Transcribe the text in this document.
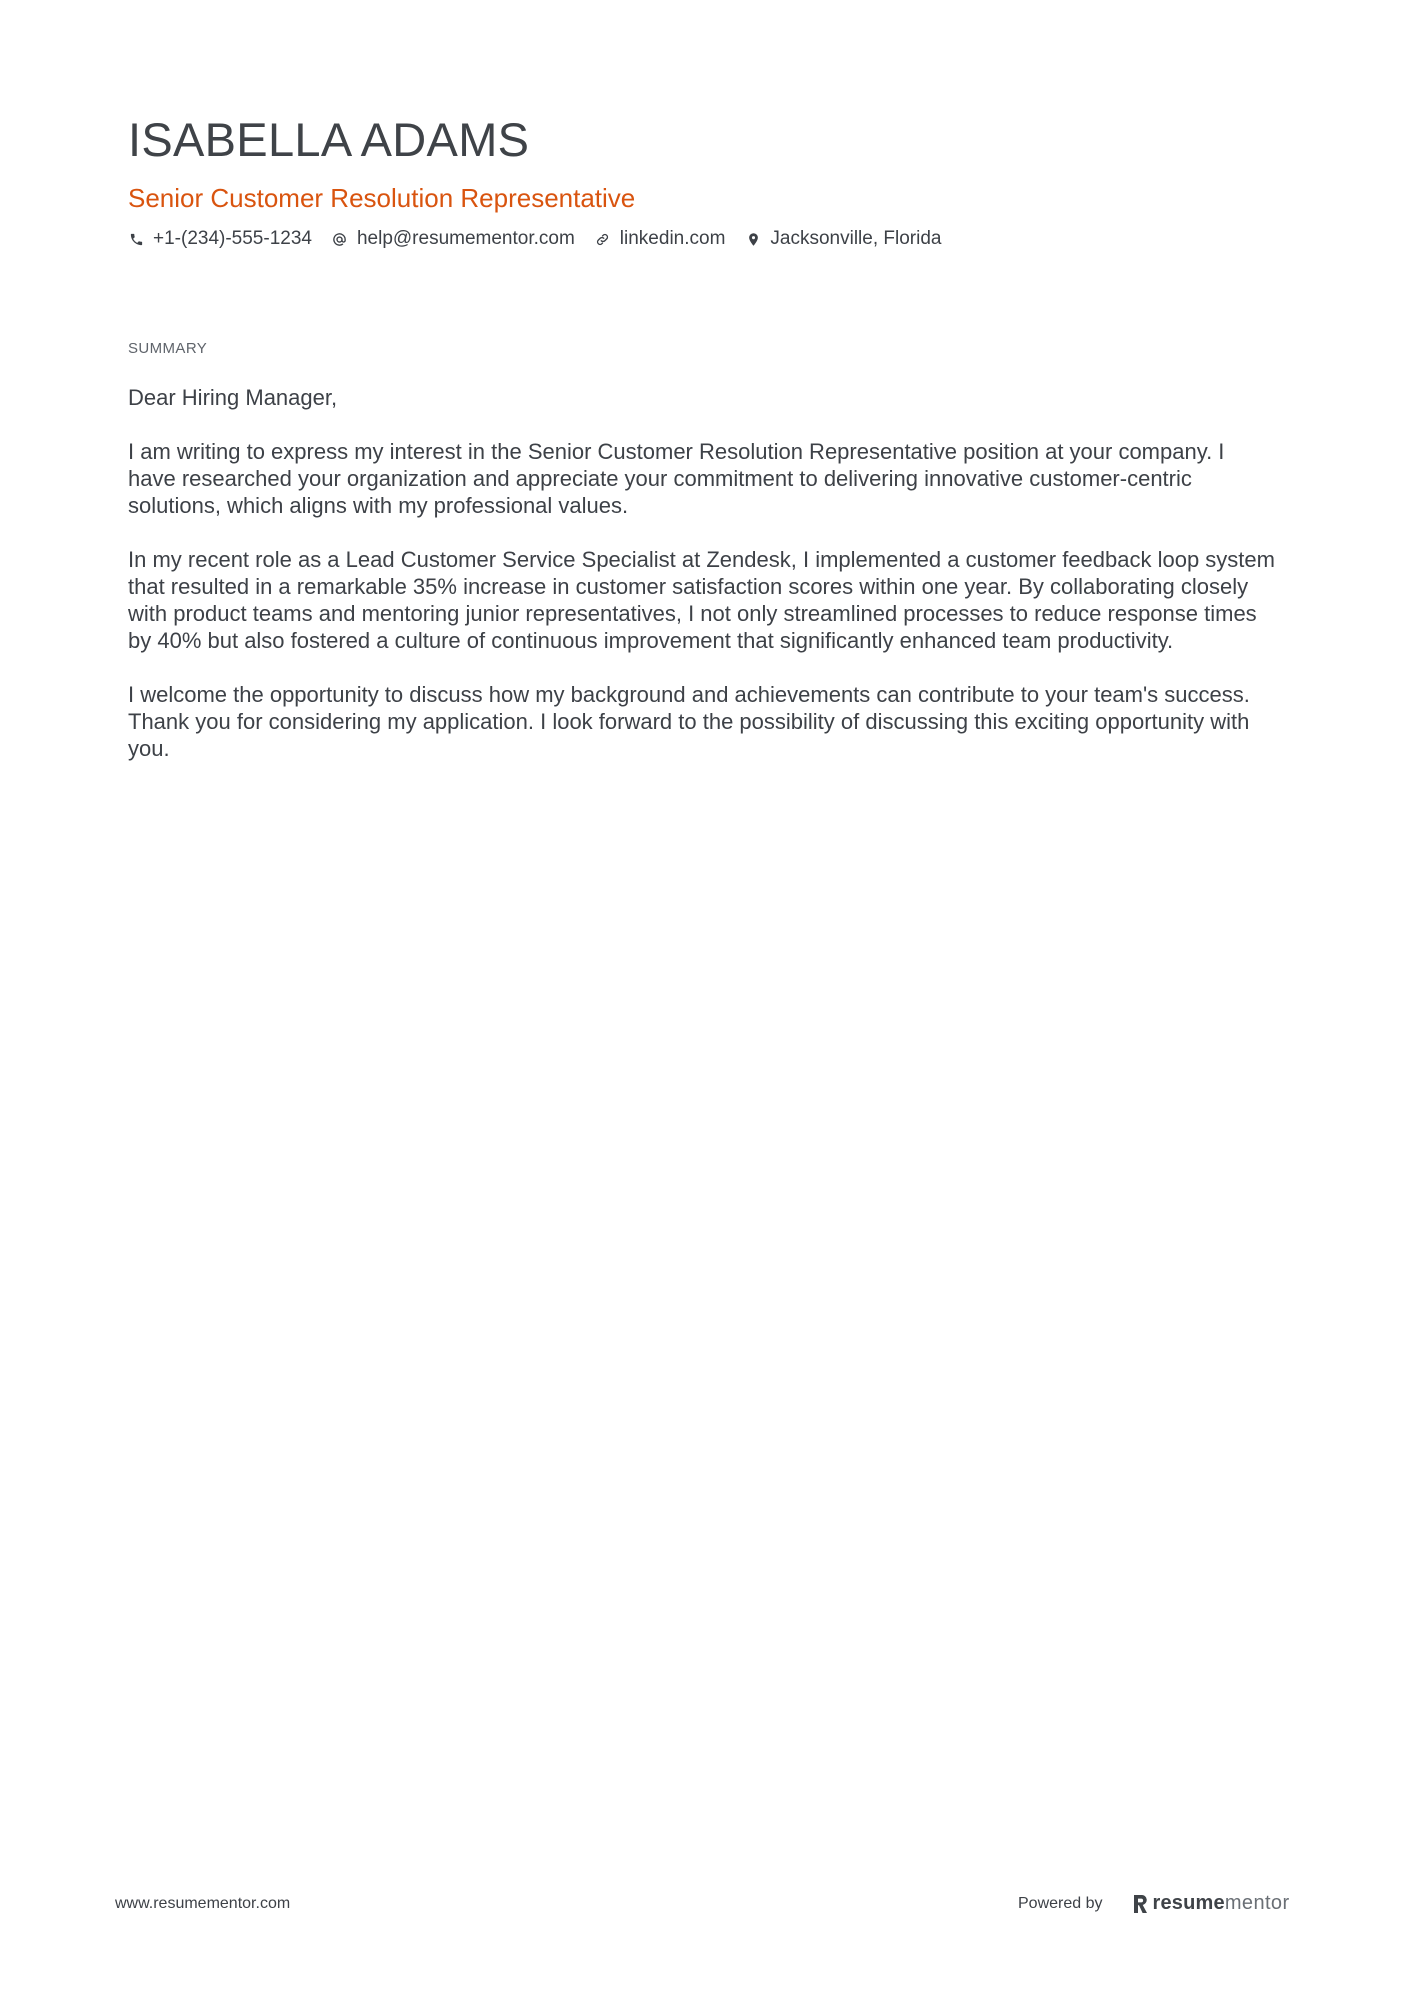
ISABELLA ADAMS
Senior Customer Resolution Representative
+1-(234)-555-1234 help@resumementor.com linkedin.com Jacksonville, Florida
SUMMARY

Dear Hiring Manager,

I am writing to express my interest in the Senior Customer Resolution Representative position at your company. I have researched your organization and appreciate your commitment to delivering innovative customer-centric solutions, which aligns with my professional values.

In my recent role as a Lead Customer Service Specialist at Zendesk, I implemented a customer feedback loop system that resulted in a remarkable 35% increase in customer satisfaction scores within one year. By collaborating closely with product teams and mentoring junior representatives, I not only streamlined processes to reduce response times by 40% but also fostered a culture of continuous improvement that significantly enhanced team productivity.

I welcome the opportunity to discuss how my background and achievements can contribute to your team's success. Thank you for considering my application. I look forward to the possibility of discussing this exciting opportunity with you.

www.resumementor.com	Powered by	resume mentor
